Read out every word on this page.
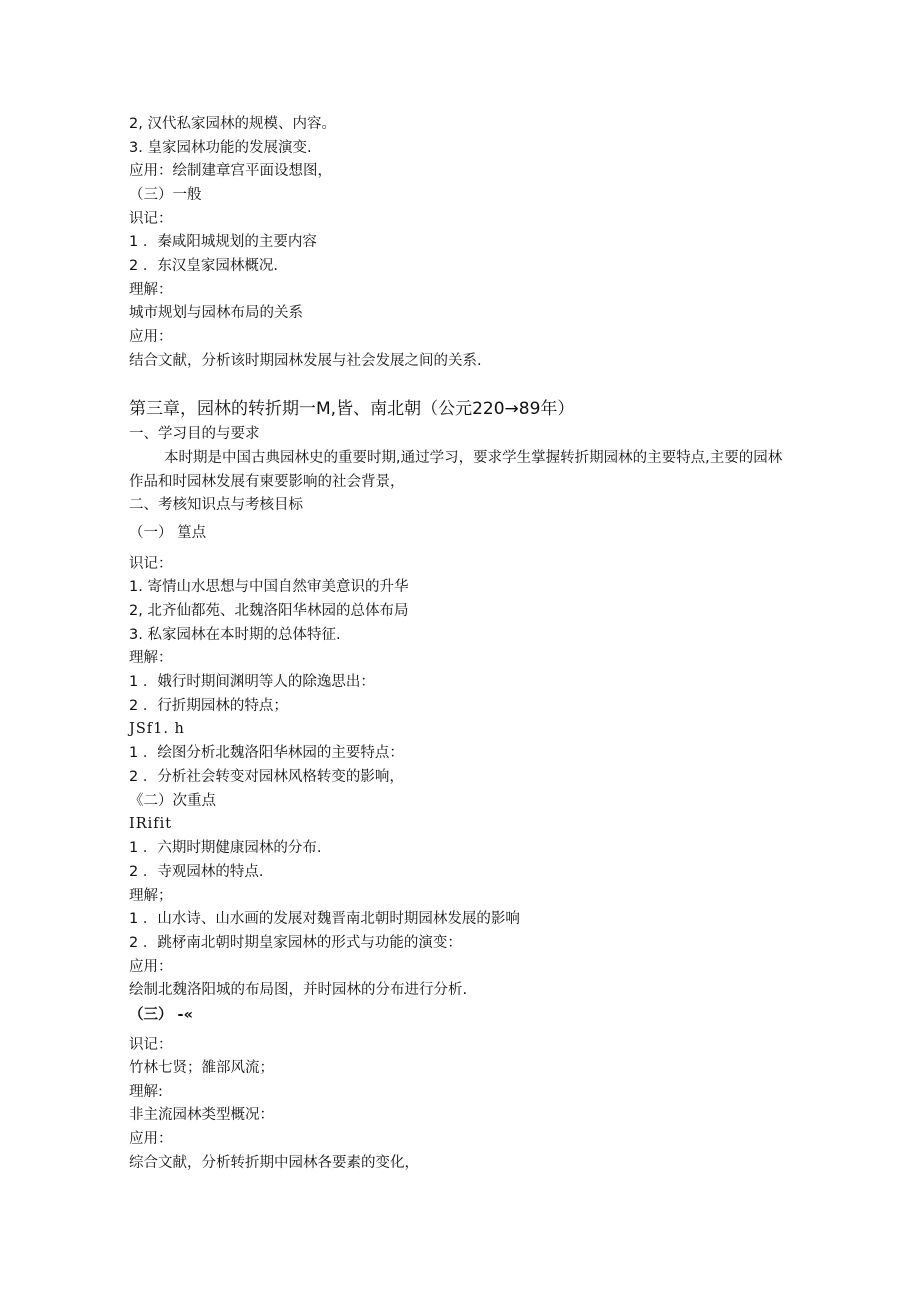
2, 汉代私家园林的规模、内容。
3. 皇家园林功能的发展演变.
应用：绘制建章宫平面设想图，
（三）一般
识记：
1 ．秦咸阳城规划的主要内容
2 ．东汉皇家园林概况.
理解：
城市规划与园林布局的关系
应用：
结合文献，分析该时期园林发展与社会发展之间的关系.
第三章，园林的转折期一M,皆、南北朝（公元220→89年）
一、学习目的与要求
本时期是中国古典园林史的重要时期,通过学习，要求学生掌握转折期园林的主要特点,主要的园林
作品和时园林发展有柬要影响的社会背景，
二、考核知识点与考核目标
（一） 篁点
识记：
1. 寄情山水思想与中国自然审美意识的升华
2, 北齐仙都苑、北魏洛阳华林园的总体布局
3. 私家园林在本时期的总体特征.
理解：
1 ．娥行时期间渊明等人的除逸思出：
2 ．行折期园林的特点；
JSf1. h
1 ．绘图分析北魏洛阳华林园的主要特点：
2 ．分析社会转变对园林风格转变的影响，
《二）次重点
IRifit
1 ．六期时期健康园林的分布.
2 ．寺观园林的特点.
理解；
1 ．山水诗、山水画的发展对魏晋南北朝时期园林发展的影响
2 ．跳柕南北朝时期皇家园林的形式与功能的演变：
应用：
绘制北魏洛阳城的布局图，并时园林的分布进行分析.
（三） -«
识记：
竹林七贤；雒部风流；
理解:
非主流园林类型概况：
应用：
综合文献，分析转折期中园林各要素的变化，
